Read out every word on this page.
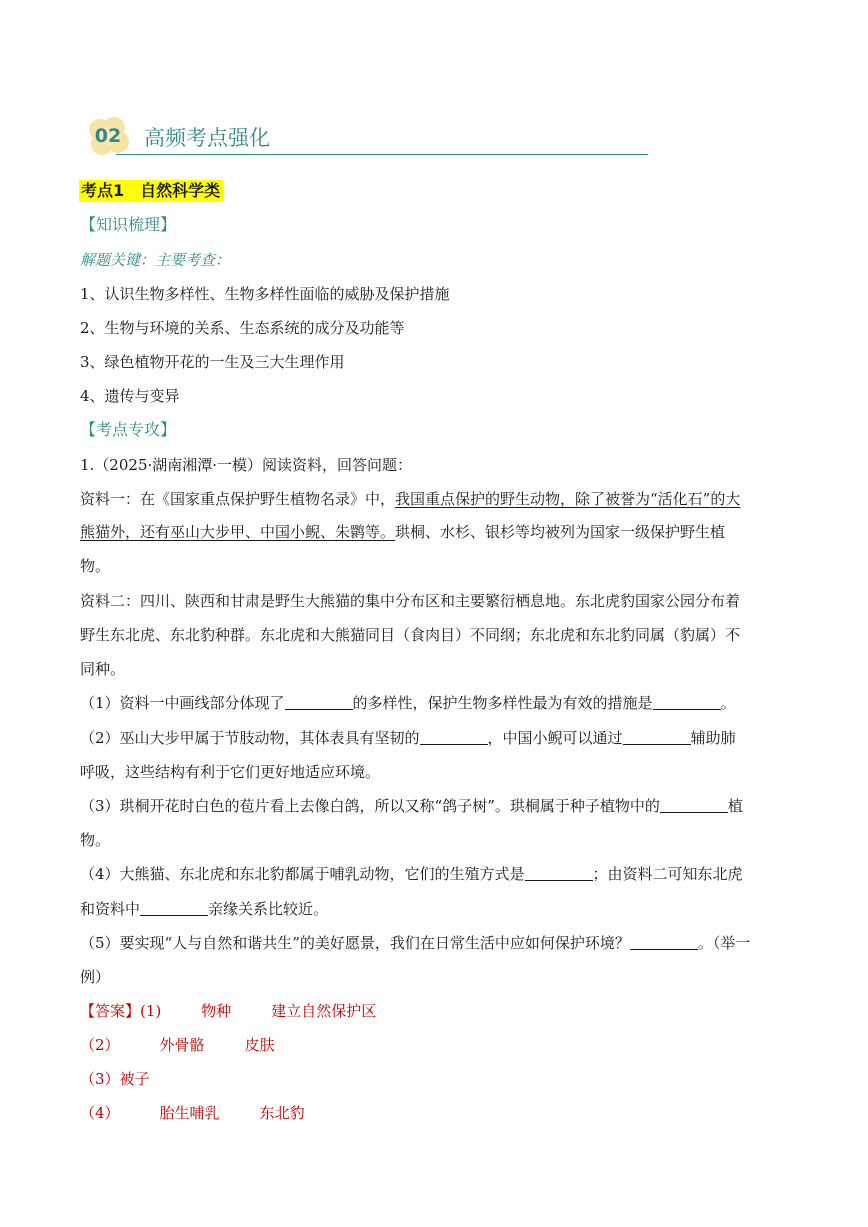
02	高频考点强化
考点1　自然科学类
【知识梳理】
解题关键：主要考查：
1、认识生物多样性、生物多样性面临的威胁及保护措施
2、生物与环境的关系、生态系统的成分及功能等
3、绿色植物开花的一生及三大生理作用
4、遗传与变异
【考点专攻】
1.（2025·湖南湘潭·一模）阅读资料，回答问题：
资料一：在《国家重点保护野生植物名录》中，我国重点保护的野生动物，除了被誉为“活化石”的大
熊猫外，还有巫山大步甲、中国小鲵、朱鹮等。珙桐、水杉、银杉等均被列为国家一级保护野生植
物。
资料二：四川、陕西和甘肃是野生大熊猫的集中分布区和主要繁衍栖息地。东北虎豹国家公园分布着
野生东北虎、东北豹种群。东北虎和大熊猫同目（食肉目）不同纲；东北虎和东北豹同属（豹属）不
同种。
（1）资料一中画线部分体现了	的多样性，保护生物多样性最为有效的措施是	。
（2）巫山大步甲属于节肢动物，其体表具有坚韧的	，中国小鲵可以通过	辅助肺
呼吸，这些结构有利于它们更好地适应环境。
（3）珙桐开花时白色的苞片看上去像白鸽，所以又称“鸽子树”。珙桐属于种子植物中的	植
物。
（4）大熊猫、东北虎和东北豹都属于哺乳动物，它们的生殖方式是	；由资料二可知东北虎
和资料中	亲缘关系比较近。
（5）要实现“人与自然和谐共生”的美好愿景，我们在日常生活中应如何保护环境？	。（举一
例）
【答案】(1)	物种	建立自然保护区
（2）	外骨骼	皮肤
（3）被子
（4）	胎生哺乳	东北豹
